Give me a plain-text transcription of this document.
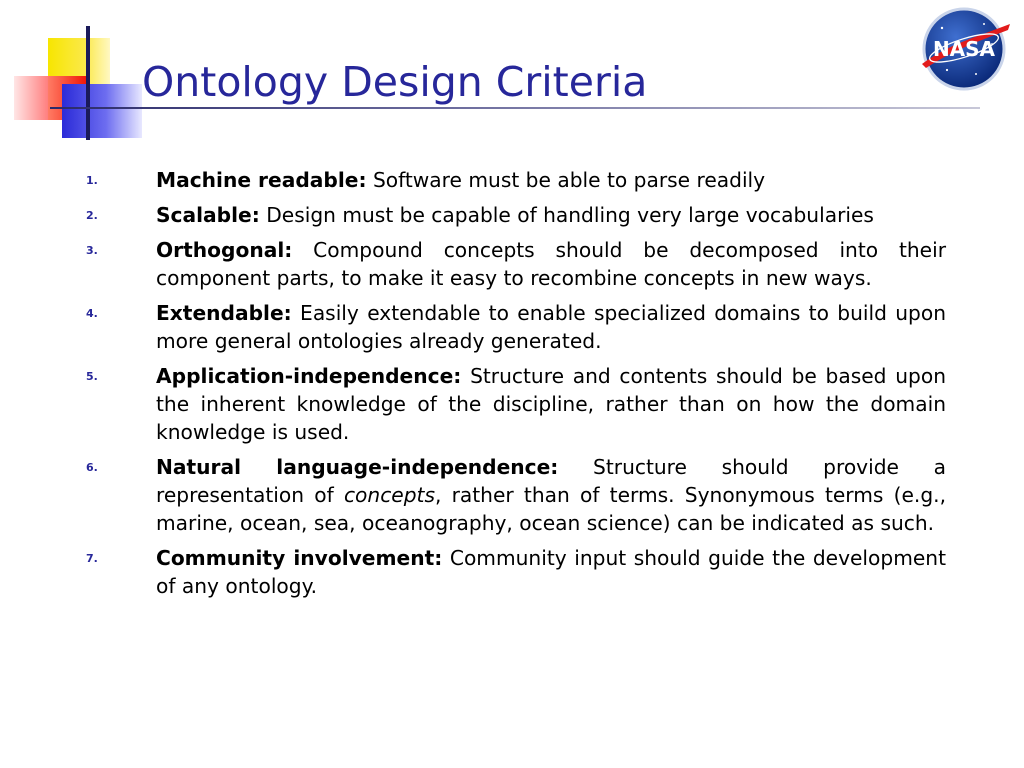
NASA
Ontology Design Criteria
1.	Machine readable: Software must be able to parse readily
2.	Scalable: Design must be capable of handling very large vocabularies
3.	Orthogonal: Compound concepts should be decomposed into their component parts, to make it easy to recombine concepts in new ways.
4.	Extendable: Easily extendable to enable specialized domains to build upon more general ontologies already generated.
5.	Application-independence: Structure and contents should be based upon the inherent knowledge of the discipline, rather than on how the domain knowledge is used.
6.	Natural language-independence: Structure should provide a representation of concepts, rather than of terms. Synonymous terms (e.g., marine, ocean, sea, oceanography, ocean science) can be indicated as such.
7.	Community involvement: Community input should guide the development of any ontology.
